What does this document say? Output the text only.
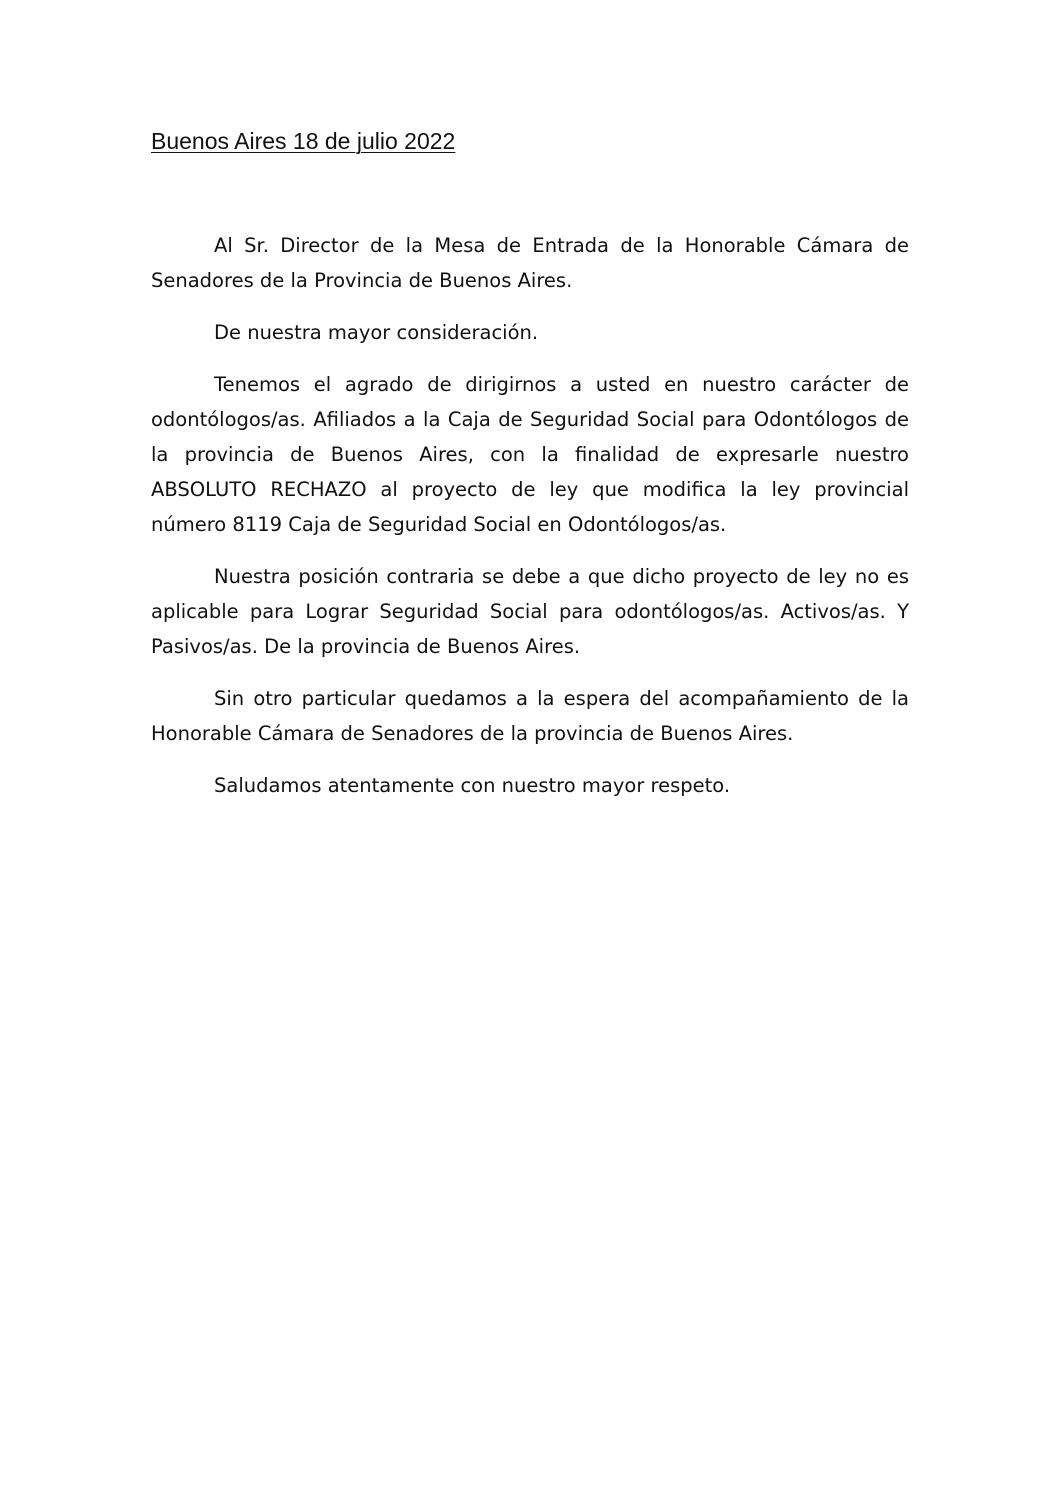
Buenos Aires 18 de julio 2022

Al Sr. Director de la Mesa de Entrada de la Honorable Cámara de Senadores de la Provincia de Buenos Aires.

De nuestra mayor consideración.

Tenemos el agrado de dirigirnos a usted en nuestro carácter de odontólogos/as. Afiliados a la Caja de Seguridad Social para Odontólogos de la provincia de Buenos Aires, con la finalidad de expresarle nuestro ABSOLUTO RECHAZO al proyecto de ley que modifica la ley provincial número 8119 Caja de Seguridad Social en Odontólogos/as.

Nuestra posición contraria se debe a que dicho proyecto de ley no es aplicable para Lograr Seguridad Social para odontólogos/as. Activos/as. Y Pasivos/as. De la provincia de Buenos Aires.

Sin otro particular quedamos a la espera del acompañamiento de la Honorable Cámara de Senadores de la provincia de Buenos Aires.

Saludamos atentamente con nuestro mayor respeto.
